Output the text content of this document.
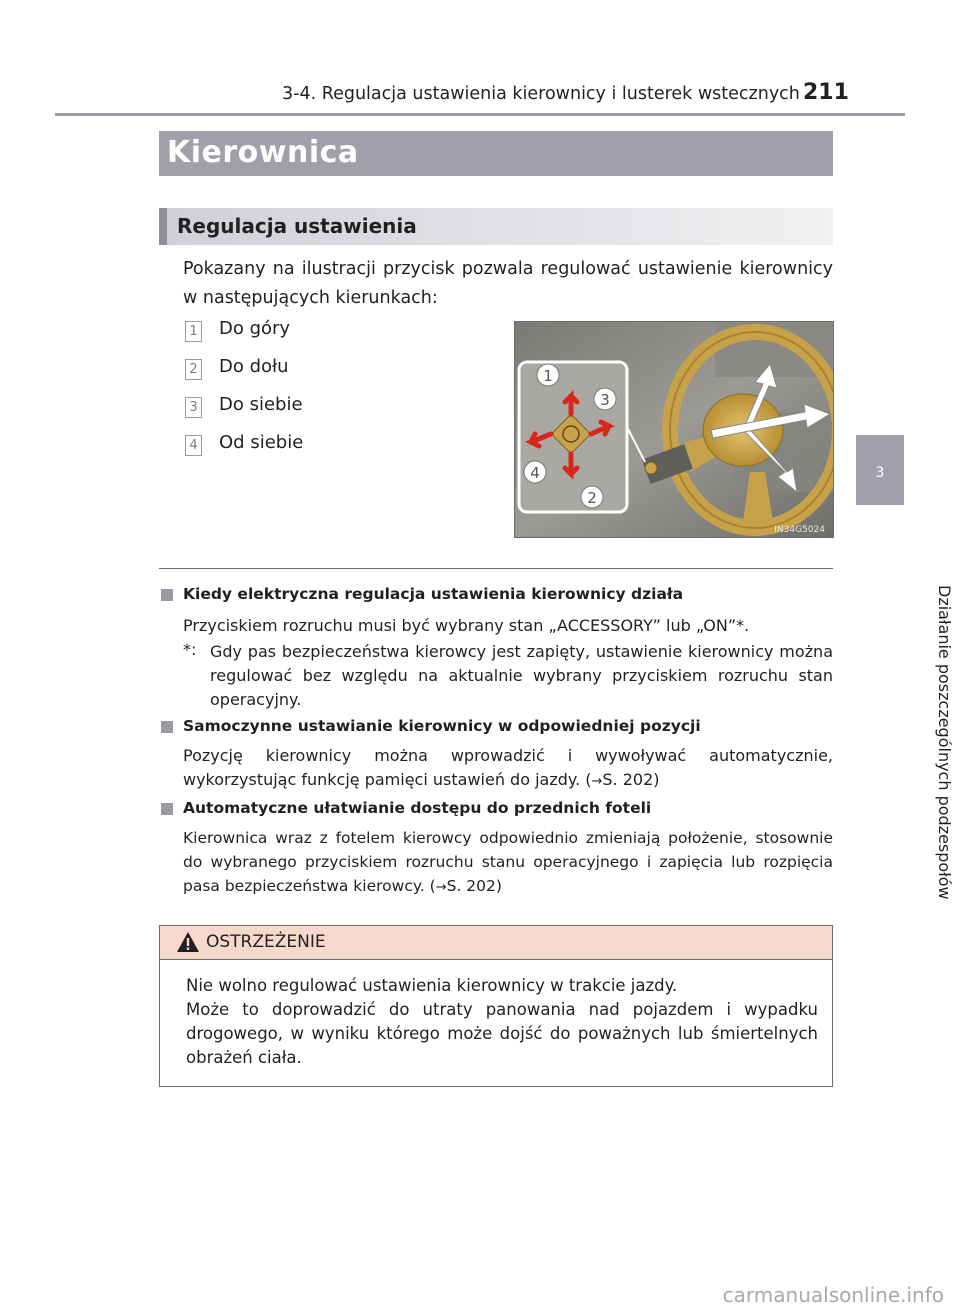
3-4. Regulacja ustawienia kierownicy i lusterek wstecznych 211
Kierownica
Regulacja ustawienia
Pokazany na ilustracji przycisk pozwala regulować ustawienie kierownicy w następujących kierunkach:
1 Do góry
2 Do dołu
3 Do siebie
4 Od siebie
1
2
3
4
IN34G5024
Kiedy elektryczna regulacja ustawienia kierownicy działa
Przyciskiem rozruchu musi być wybrany stan „ACCESSORY” lub „ON”*.
*: Gdy pas bezpieczeństwa kierowcy jest zapięty, ustawienie kierownicy można regulować bez względu na aktualnie wybrany przyciskiem rozruchu stan operacyjny.
Samoczynne ustawianie kierownicy w odpowiedniej pozycji
Pozycję kierownicy można wprowadzić i wywoływać automatycznie, wykorzystując funkcję pamięci ustawień do jazdy. (→S. 202)
Automatyczne ułatwianie dostępu do przednich foteli
Kierownica wraz z fotelem kierowcy odpowiednio zmieniają położenie, stosownie do wybranego przyciskiem rozruchu stanu operacyjnego i zapięcia lub rozpięcia pasa bezpieczeństwa kierowcy. (→S. 202)
OSTRZEŻENIE
Nie wolno regulować ustawienia kierownicy w trakcie jazdy.
Może to doprowadzić do utraty panowania nad pojazdem i wypadku drogowego, w wyniku którego może dojść do poważnych lub śmiertelnych obrażeń ciała.
3
Działanie poszczególnych podzespołów
carmanualsonline.info
